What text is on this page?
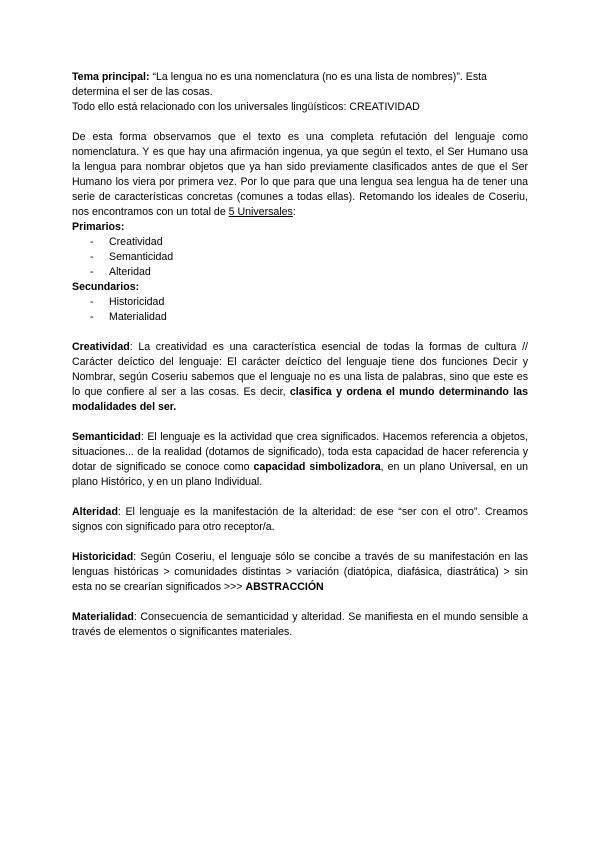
Tema principal: “La lengua no es una nomenclatura (no es una lista de nombres)”. Esta determina el ser de las cosas.

Todo ello está relacionado con los universales lingüísticos: CREATIVIDAD

De esta forma observamos que el texto es una completa refutación del lenguaje como nomenclatura. Y es que hay una afirmación ingenua, ya que según el texto, el Ser Humano usa la lengua para nombrar objetos que ya han sido previamente clasificados antes de que el Ser Humano los viera por primera vez. Por lo que para que una lengua sea lengua ha de tener una serie de características concretas (comunes a todas ellas). Retomando los ideales de Coseriu, nos encontramos con un total de 5 Universales:

Primarios:

- Creatividad
- Semanticidad
- Alteridad

Secundarios:

- Historicidad
- Materialidad

Creatividad: La creatividad es una característica esencial de todas la formas de cultura // Carácter deíctico del lenguaje: El carácter deíctico del lenguaje tiene dos funciones Decir y Nombrar, según Coseriu sabemos que el lenguaje no es una lista de palabras, sino que este es lo que confiere al ser a las cosas. Es decir, clasifica y ordena el mundo determinando las modalidades del ser.

Semanticidad: El lenguaje es la actividad que crea significados. Hacemos referencia a objetos, situaciones... de la realidad (dotamos de significado), toda esta capacidad de hacer referencia y dotar de significado se conoce como capacidad simbolizadora, en un plano Universal, en un plano Histórico, y en un plano Individual.

Alteridad: El lenguaje es la manifestación de la alteridad: de ese “ser con el otro”. Creamos signos con significado para otro receptor/a.

Historicidad: Según Coseriu, el lenguaje sólo se concibe a través de su manifestación en las lenguas históricas > comunidades distintas > variación (diatópica, diafásica, diastrática) > sin esta no se crearían significados >>> ABSTRACCIÓN

Materialidad: Consecuencia de semanticidad y alteridad. Se manifiesta en el mundo sensible a través de elementos o significantes materiales.
